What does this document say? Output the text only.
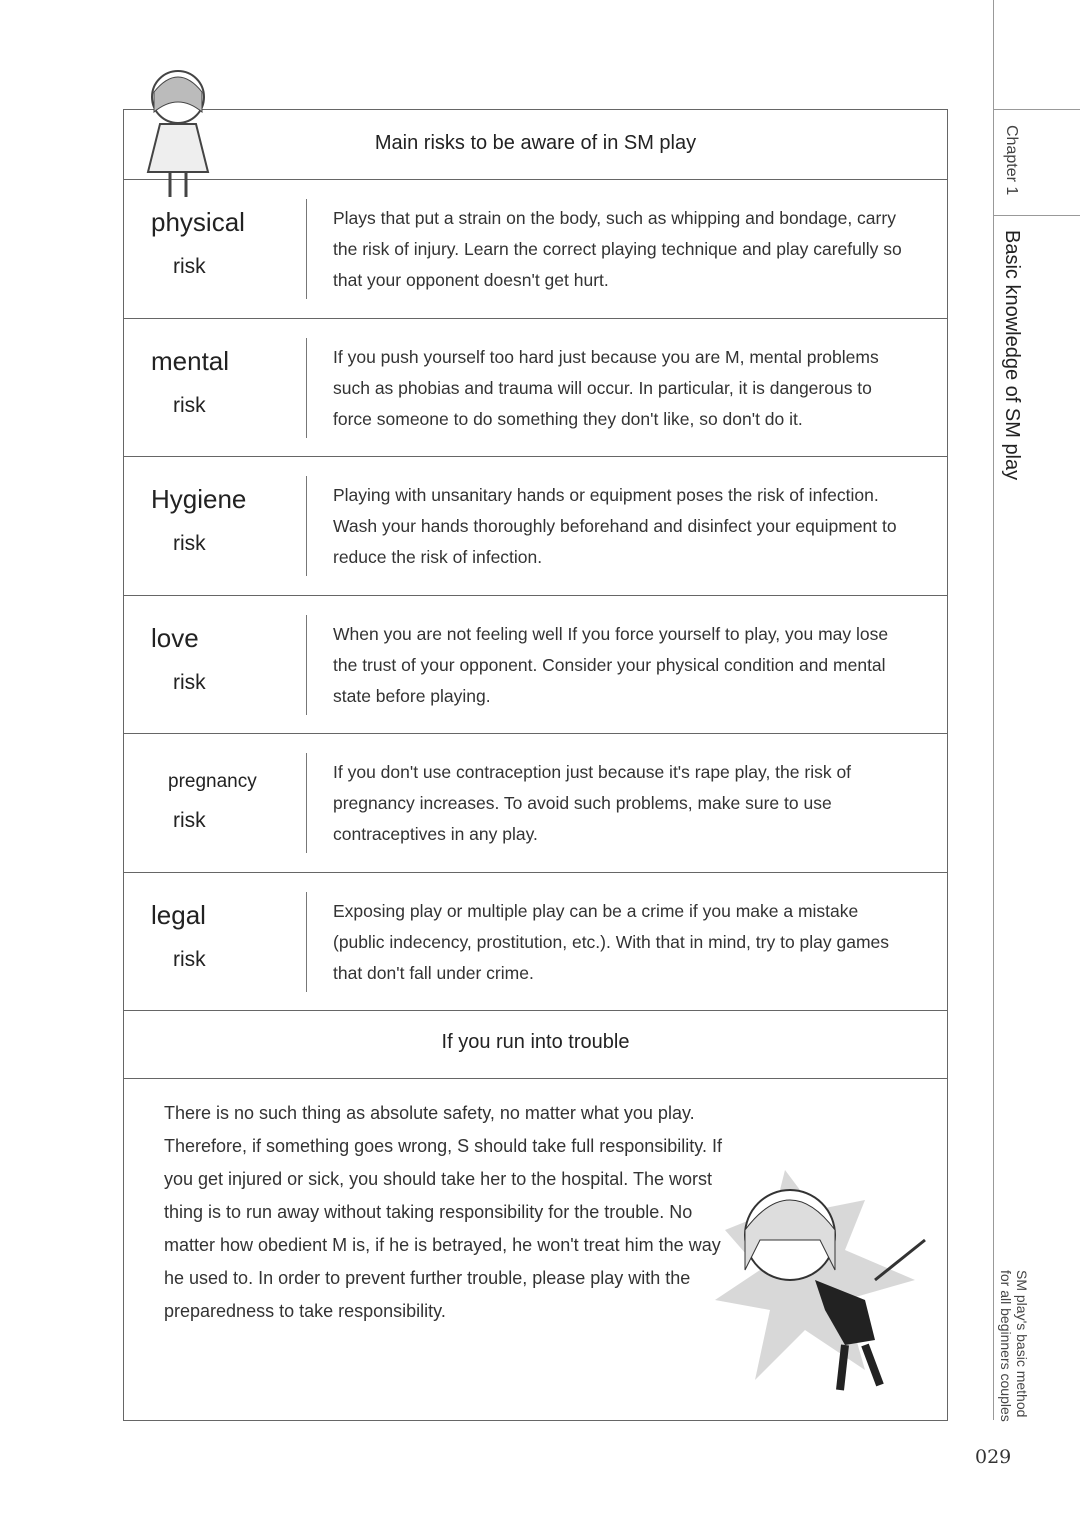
Chapter 1
Basic knowledge of SM play
SM play's basic method
for all beginners couples
029
Main risks to be aware of in SM play
physical
risk
Plays that put a strain on the body, such as whipping and bondage, carry the risk of injury. Learn the correct playing technique and play carefully so that your opponent doesn't get hurt.
mental
risk
If you push yourself too hard just because you are M, mental problems such as phobias and trauma will occur. In particular, it is dangerous to force someone to do something they don't like, so don't do it.
Hygiene
risk
Playing with unsanitary hands or equipment poses the risk of infection. Wash your hands thoroughly beforehand and disinfect your equipment to reduce the risk of infection.
love
risk
When you are not feeling well If you force yourself to play, you may lose the trust of your opponent. Consider your physical condition and mental state before playing.
pregnancy
risk
If you don't use contraception just because it's rape play, the risk of pregnancy increases. To avoid such problems, make sure to use contraceptives in any play.
legal
risk
Exposing play or multiple play can be a crime if you make a mistake (public indecency, prostitution, etc.). With that in mind, try to play games that don't fall under crime.
If you run into trouble
There is no such thing as absolute safety, no matter what you play. Therefore, if something goes wrong, S should take full responsibility. If you get injured or sick, you should take her to the hospital. The worst thing is to run away without taking responsibility for the trouble. No matter how obedient M is, if he is betrayed, he won't treat him the way he used to. In order to prevent further trouble, please play with the preparedness to take responsibility.
